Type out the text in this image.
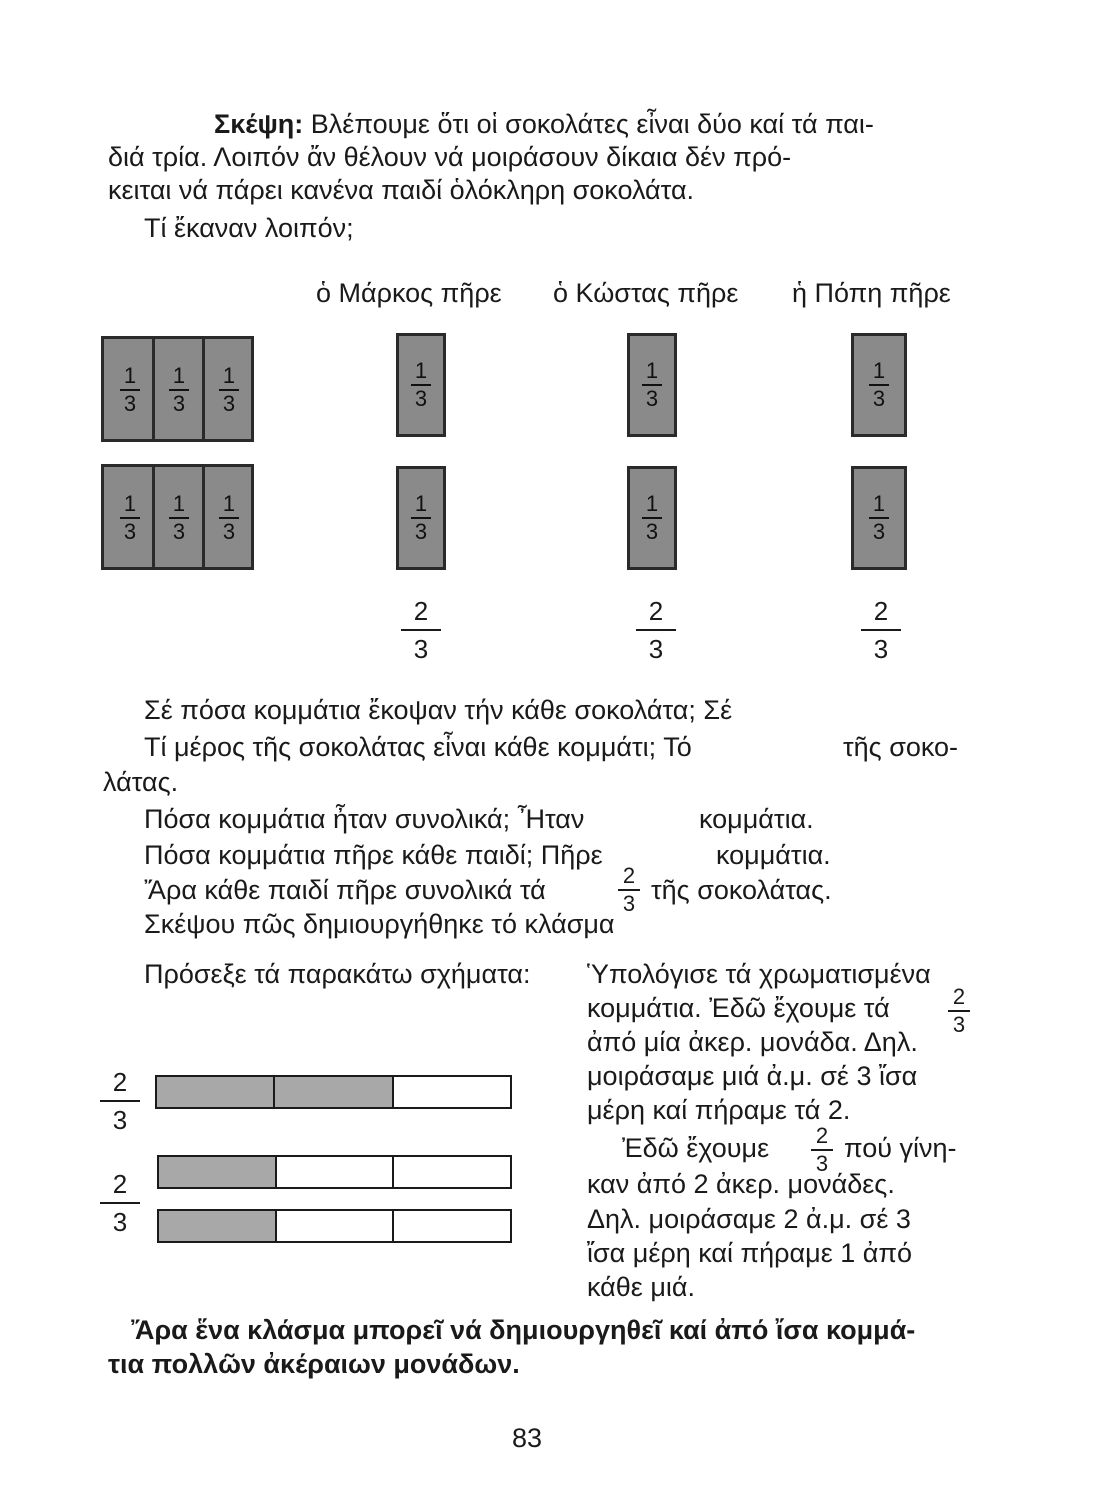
Σκέψη: Βλέπουμε ὅτι οἱ σοκολάτες εἶναι δύο καί τά παι-
διά τρία. Λοιπόν ἄν θέλουν νά μοιράσουν δίκαια δέν πρό-
κειται νά πάρει κανένα παιδί ὁλόκληρη σοκολάτα.
Τί ἔκαναν λοιπόν;
ὁ Μάρκος πῆρε ὁ Κώστας πῆρε ἡ Πόπη πῆρε
1
3
1
3
1
3
1
3
1
3
1
3
1
3
1
3
1
3
1
3
1
3
1
3
2
3
2
3
2
3
Σέ πόσα κομμάτια ἔκοψαν τήν κάθε σοκολάτα; Σέ
Τί μέρος τῆς σοκολάτας εἶναι κάθε κομμάτι; Τό	τῆς σοκο-
λάτας.
Πόσα κομμάτια ἦταν συνολικά; Ἦταν	κομμάτια.
Πόσα κομμάτια πῆρε κάθε παιδί; Πῆρε	κομμάτια.
Ἄρα κάθε παιδί πῆρε συνολικά τά	2
3 τῆς σοκολάτας.
Σκέψου πῶς δημιουργήθηκε τό κλάσμα
Πρόσεξε τά παρακάτω σχήματα: Ὑπολόγισε τά χρωματισμένα
κομμάτια. Ἐδῶ ἔχουμε τά	2
3
ἀπό μία ἀκερ. μονάδα. Δηλ.
μοιράσαμε μιά ἀ.μ. σέ 3 ἴσα
μέρη καί πήραμε τά 2.
Ἐδῶ ἔχουμε	2
3
πού γίνη-
καν ἀπό 2 ἀκερ. μονάδες.
Δηλ. μοιράσαμε 2 ἀ.μ. σέ 3
ἴσα μέρη καί πήραμε 1 ἀπό
κάθε μιά.
2
3
2
3
Ἄρα ἕνα κλάσμα μπορεῖ νά δημιουργηθεῖ καί ἀπό ἴσα κομμά-
τια πολλῶν ἀκέραιων μονάδων.
83
